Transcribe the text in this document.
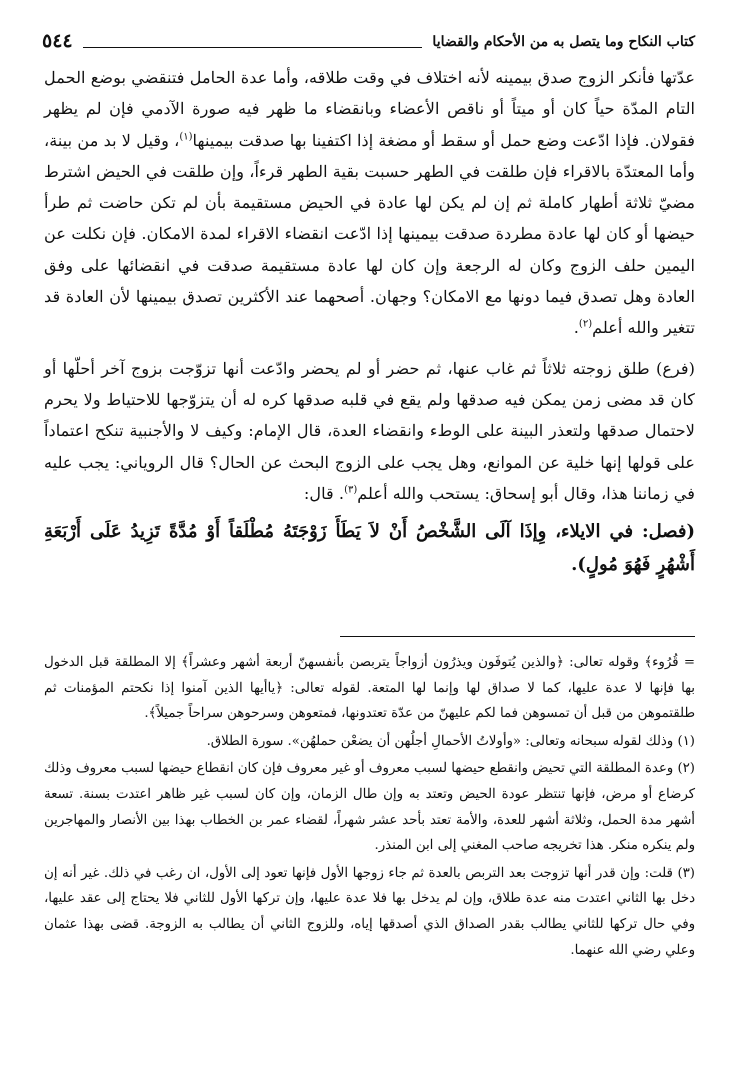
كتاب النكاح وما يتصل به من الأحكام والقضايا
٥٤٤

عدّتها فأنكر الزوج صدق بيمينه لأنه اختلاف في وقت طلاقه، وأما عدة الحامل فتنقضي بوضع الحمل التام المدّة حياً كان أو ميتاً أو ناقص الأعضاء وبانقضاء ما ظهر فيه صورة الآدمي فإن لم يظهر فقولان. فإذا ادّعت وضع حمل أو سقط أو مضغة إذا اكتفينا بها صدقت بيمينها$^{(١)}$، وقيل لا بد من بينة، وأما المعتدّة بالاقراء فإن طلقت في الطهر حسبت بقية الطهر قرءاً، وإن طلقت في الحيض اشترط مضيّ ثلاثة أطهار كاملة ثم إن لم يكن لها عادة في الحيض مستقيمة بأن لم تكن حاضت ثم طرأ حيضها أو كان لها عادة مطردة صدقت بيمينها إذا ادّعت انقضاء الاقراء لمدة الامكان. فإن نكلت عن اليمين حلف الزوج وكان له الرجعة وإن كان لها عادة مستقيمة صدقت في انقضائها على وفق العادة وهل تصدق فيما دونها مع الامكان؟ وجهان. أصحهما عند الأكثرين تصدق بيمينها لأن العادة قد تتغير والله أعلم$^{(٢)}$.

(فرع) طلق زوجته ثلاثاً ثم غاب عنها، ثم حضر أو لم يحضر وادّعت أنها تزوّجت بزوج آخر أحلّها أو كان قد مضى زمن يمكن فيه صدقها ولم يقع في قلبه صدقها كره له أن يتزوّجها للاحتياط ولا يحرم لاحتمال صدقها ولتعذر البينة على الوطء وانقضاء العدة، قال الإمام: وكيف لا والأجنبية تنكح اعتماداً على قولها إنها خلية عن الموانع، وهل يجب على الزوج البحث عن الحال؟ قال الروياني: يجب عليه في زماننا هذا، وقال أبو إسحاق: يستحب والله أعلم$^{(٣)}$. قال:

(فصل: في الايلاء، وِإذَا آلَى الشَّخْصُ أَنْ لاَ يَطَأَ زَوْجَتَهُ مُطْلَقاً أَوْ مُدَّةً تَزِيدُ عَلَى أَرْبَعَةِ أَشْهُرٍ فَهُوَ مُولٍ).

= قُرُوء﴾ وقوله تعالى: ﴿والذين يُتوفَون ويذرُون أزواجاً يتربصن بأنفسهنّ أربعة أشهر وعشراً﴾ إلا المطلقة قبل الدخول بها فإنها لا عدة عليها، كما لا صداق لها وإنما لها المتعة. لقوله تعالى: ﴿ياأيها الذين آمنوا إذا نكحتم المؤمنات ثم طلقتموهن من قبل أن تمسوهن فما لكم عليهنّ من عدّة تعتدونها، فمتعوهن وسرحوهن سراحاً جميلاً﴾.

(١) وذلك لقوله سبحانه وتعالى: «وأولاتُ الأحمالِ أجلُهن أن يضعْن حملهُن». سورة الطلاق.

(٢) وعدة المطلقة التي تحيض وانقطع حيضها لسبب معروف أو غير معروف فإن كان انقطاع حيضها لسبب معروف وذلك كرضاع أو مرض، فإنها تنتظر عودة الحيض وتعتد به وإن طال الزمان، وإن كان لسبب غير ظاهر اعتدت بسنة. تسعة أشهر مدة الحمل، وثلاثة أشهر للعدة، والأمة تعتد بأحد عشر شهراً، لقضاء عمر بن الخطاب بهذا بين الأنصار والمهاجرين ولم ينكره منكر. هذا تخريجه صاحب المغني إلى ابن المنذر.

(٣) قلت: وإن قدر أنها تزوجت بعد التربص بالعدة ثم جاء زوجها الأول فإنها تعود إلى الأول، ان رغب في ذلك. غير أنه إن دخل بها الثاني اعتدت منه عدة طلاق، وإن لم يدخل بها فلا عدة عليها، وإن تركها الأول للثاني فلا يحتاج إلى عقد عليها، وفي حال تركها للثاني يطالب بقدر الصداق الذي أصدقها إياه، وللزوج الثاني أن يطالب به الزوجة. قضى بهذا عثمان وعلي رضي الله عنهما.
